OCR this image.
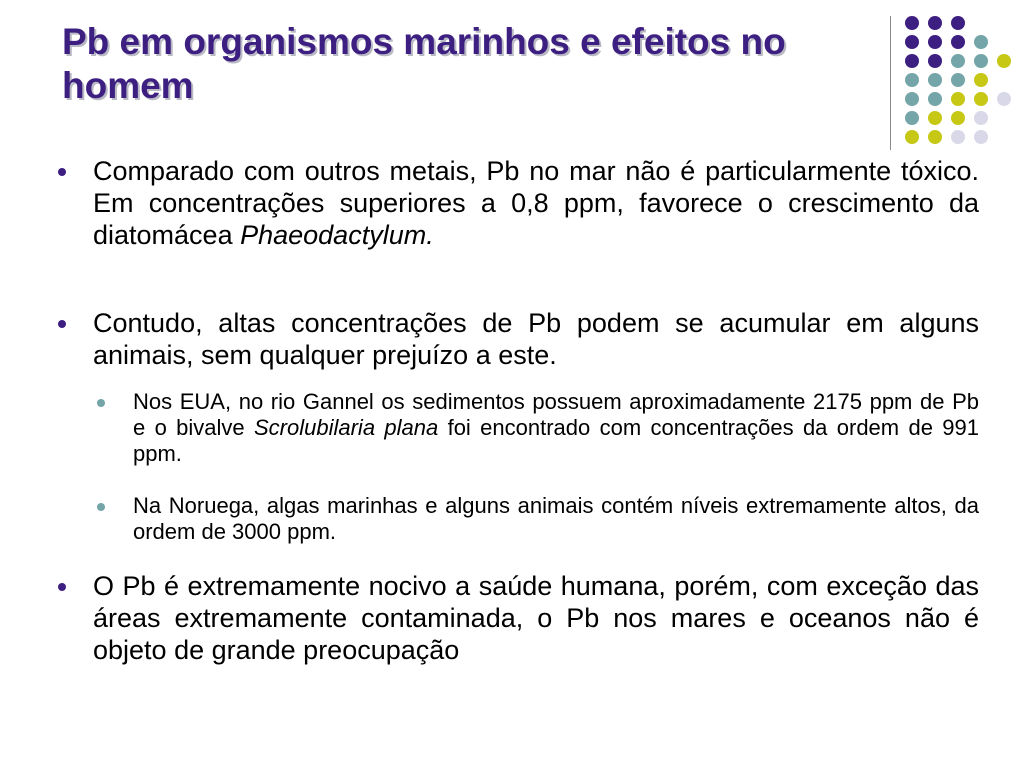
Pb em organismos marinhos e efeitos no homem
Comparado com outros metais, Pb no mar não é particularmente tóxico. Em concentrações superiores a 0,8 ppm, favorece o crescimento da diatomácea Phaeodactylum.
Contudo, altas concentrações de Pb podem se acumular em alguns animais, sem qualquer prejuízo a este.
Nos EUA, no rio Gannel os sedimentos possuem aproximadamente 2175 ppm de Pb e o bivalve Scrolubilaria plana foi encontrado com concentrações da ordem de 991 ppm.
Na Noruega, algas marinhas e alguns animais contém níveis extremamente altos, da ordem de 3000 ppm.
O Pb é extremamente nocivo a saúde humana, porém, com exceção das áreas extremamente contaminada, o Pb nos mares e oceanos não é objeto de grande preocupação
